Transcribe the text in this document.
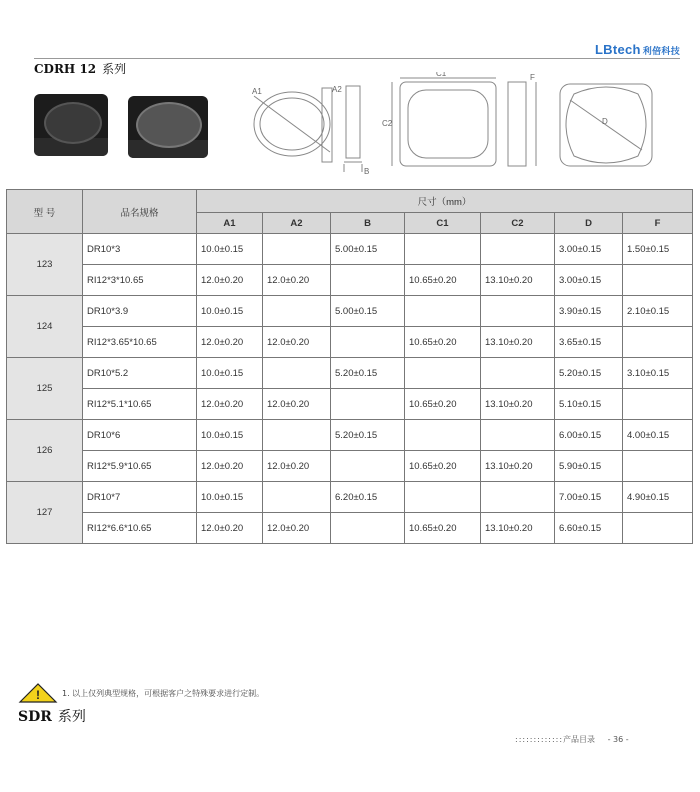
LBtech 利倍科技
CDRH 12 系列
A1	A2
B
C1
C2	D
F
型 号	品名规格	尺寸（mm）						
		A1	A2	B	C1	C2	D	F
123	DR10*3	10.0±0.15		5.00±0.15			3.00±0.15	1.50±0.15
	RI12*3*10.65	12.0±0.20	12.0±0.20		10.65±0.20	13.10±0.20	3.00±0.15	
124	DR10*3.9	10.0±0.15		5.00±0.15			3.90±0.15	2.10±0.15
	RI12*3.65*10.65	12.0±0.20	12.0±0.20		10.65±0.20	13.10±0.20	3.65±0.15	
125	DR10*5.2	10.0±0.15		5.20±0.15			5.20±0.15	3.10±0.15
	RI12*5.1*10.65	12.0±0.20	12.0±0.20		10.65±0.20	13.10±0.20	5.10±0.15	
126	DR10*6	10.0±0.15		5.20±0.15			6.00±0.15	4.00±0.15
	RI12*5.9*10.65	12.0±0.20	12.0±0.20		10.65±0.20	13.10±0.20	5.90±0.15	
127	DR10*7	10.0±0.15		6.20±0.15			7.00±0.15	4.90±0.15
	RI12*6.6*10.65	12.0±0.20	12.0±0.20		10.65±0.20	13.10±0.20	6.60±0.15	
!	1. 以上仅列典型规格，可根据客户之特殊要求进行定制。
SDR 系列
:::::::::::::产品目录 - 36 -
